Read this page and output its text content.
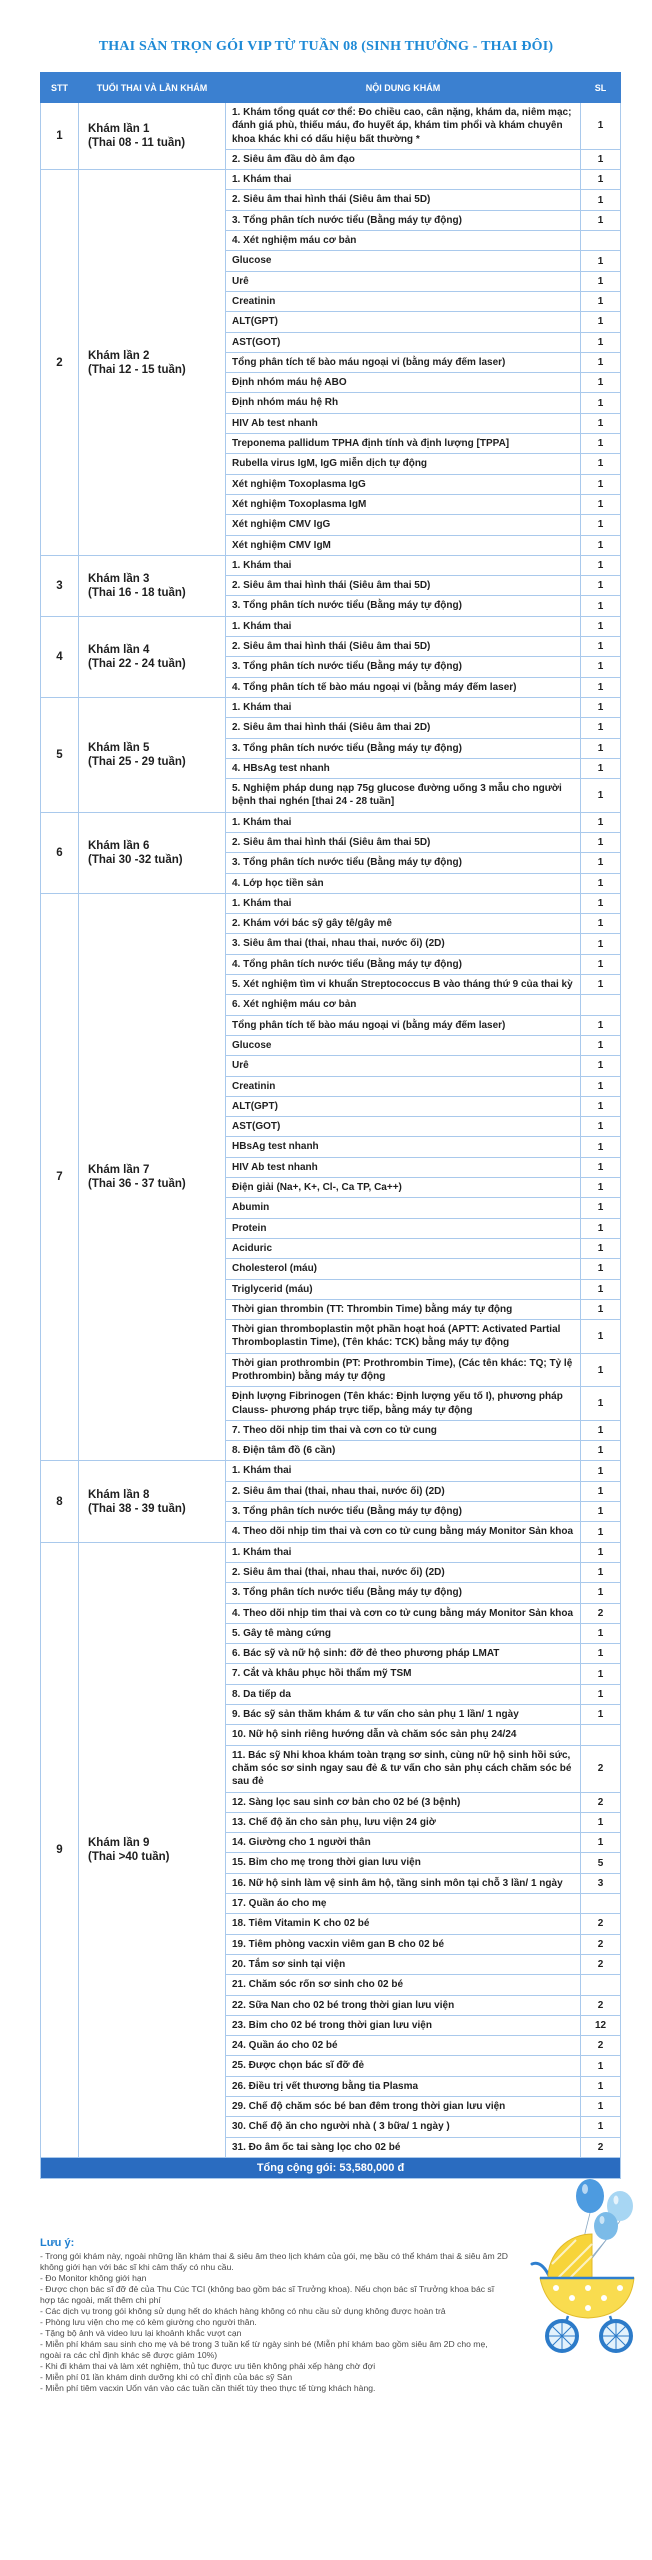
THAI SẢN TRỌN GÓI VIP TỪ TUẦN 08 (SINH THƯỜNG - THAI ĐÔI)
STT	TUỔI THAI VÀ LẦN KHÁM	NỘI DUNG KHÁM	SL
1	Khám lần 1
(Thai 08 - 11 tuần)	1. Khám tổng quát cơ thể: Đo chiều cao, cân nặng, khám da, niêm mạc; đánh giá phù, thiếu máu, đo huyết áp, khám tim phổi và khám chuyên khoa khác khi có dấu hiệu bất thường *	1
		2. Siêu âm đầu dò âm đạo	1
2	Khám lần 2
(Thai 12 - 15 tuần)	1. Khám thai	1
		2. Siêu âm thai hình thái (Siêu âm thai 5D)	1
		3. Tổng phân tích nước tiểu (Bằng máy tự động)	1
		4. Xét nghiệm máu cơ bản	
		Glucose	1
		Urê	1
		Creatinin	1
		ALT(GPT)	1
		AST(GOT)	1
		Tổng phân tích tế bào máu ngoại vi (bằng máy đếm laser)	1
		Định nhóm máu hệ ABO	1
		Định nhóm máu hệ Rh	1
		HIV Ab test nhanh	1
		Treponema pallidum TPHA định tính và định lượng [TPPA]	1
		Rubella virus IgM, IgG miễn dịch tự động	1
		Xét nghiệm Toxoplasma IgG	1
		Xét nghiệm Toxoplasma IgM	1
		Xét nghiệm CMV IgG	1
		Xét nghiệm CMV IgM	1
3	Khám lần 3
(Thai 16 - 18 tuần)	1. Khám thai	1
		2. Siêu âm thai hình thái (Siêu âm thai 5D)	1
		3. Tổng phân tích nước tiểu (Bằng máy tự động)	1
4	Khám lần 4
(Thai 22 - 24 tuần)	1. Khám thai	1
		2. Siêu âm thai hình thái (Siêu âm thai 5D)	1
		3. Tổng phân tích nước tiểu (Bằng máy tự động)	1
		4. Tổng phân tích tế bào máu ngoại vi (bằng máy đếm laser)	1
5	Khám lần 5
(Thai 25 - 29 tuần)	1. Khám thai	1
		2. Siêu âm thai hình thái (Siêu âm thai 2D)	1
		3. Tổng phân tích nước tiểu (Bằng máy tự động)	1
		4. HBsAg test nhanh	1
		5. Nghiệm pháp dung nạp 75g glucose đường uống 3 mẫu cho người bệnh thai nghén [thai 24 - 28 tuần]	1
6	Khám lần 6
(Thai 30 -32 tuần)	1. Khám thai	1
		2. Siêu âm thai hình thái (Siêu âm thai 5D)	1
		3. Tổng phân tích nước tiểu (Bằng máy tự động)	1
		4. Lớp học tiền sản	1
7	Khám lần 7
(Thai 36 - 37 tuần)	1. Khám thai	1
		2. Khám với bác sỹ gây tê/gây mê	1
		3. Siêu âm thai (thai, nhau thai, nước ối) (2D)	1
		4. Tổng phân tích nước tiểu (Bằng máy tự động)	1
		5. Xét nghiệm tìm vi khuẩn Streptococcus B vào tháng thứ 9 của thai kỳ	1
		6. Xét nghiệm máu cơ bản	
		Tổng phân tích tế bào máu ngoại vi (bằng máy đếm laser)	1
		Glucose	1
		Urê	1
		Creatinin	1
		ALT(GPT)	1
		AST(GOT)	1
		HBsAg test nhanh	1
		HIV Ab test nhanh	1
		Điện giải (Na+, K+, Cl-, Ca TP, Ca++)	1
		Abumin	1
		Protein	1
		Aciduric	1
		Cholesterol (máu)	1
		Triglycerid (máu)	1
		Thời gian thrombin (TT: Thrombin Time) bằng máy tự động	1
		Thời gian thromboplastin một phần hoạt hoá (APTT: Activated Partial Thromboplastin Time), (Tên khác: TCK) bằng máy tự động	1
		Thời gian prothrombin (PT: Prothrombin Time), (Các tên khác: TQ; Tỷ lệ Prothrombin) bằng máy tự động	1
		Định lượng Fibrinogen (Tên khác: Định lượng yếu tố I), phương pháp Clauss- phương pháp trực tiếp, bằng máy tự động	1
		7. Theo dõi nhịp tim thai và cơn co tử cung	1
		8. Điện tâm đồ (6 cần)	1
8	Khám lần 8
(Thai 38 - 39 tuần)	1. Khám thai	1
		2. Siêu âm thai (thai, nhau thai, nước ối) (2D)	1
		3. Tổng phân tích nước tiểu (Bằng máy tự động)	1
		4. Theo dõi nhịp tim thai và cơn co tử cung bằng máy Monitor Sản khoa	1
9	Khám lần 9
(Thai >40 tuần)	1. Khám thai	1
		2. Siêu âm thai (thai, nhau thai, nước ối) (2D)	1
		3. Tổng phân tích nước tiểu (Bằng máy tự động)	1
		4. Theo dõi nhịp tim thai và cơn co tử cung bằng máy Monitor Sản khoa	2
		5. Gây tê màng cứng	1
		6. Bác sỹ và nữ hộ sinh: đỡ đẻ theo phương pháp LMAT	1
		7. Cắt và khâu phục hồi thẩm mỹ TSM	1
		8. Da tiếp da	1
		9. Bác sỹ sản thăm khám & tư vấn cho sản phụ 1 lần/ 1 ngày	1
		10. Nữ hộ sinh riêng hướng dẫn và chăm sóc sản phụ 24/24	
		11. Bác sỹ Nhi khoa khám toàn trạng sơ sinh, cùng nữ hộ sinh hồi sức, chăm sóc sơ sinh ngay sau đẻ & tư vấn cho sản phụ cách chăm sóc bé sau đẻ	2
		12. Sàng lọc sau sinh cơ bản cho 02 bé (3 bệnh)	2
		13. Chế độ ăn cho sản phụ, lưu viện 24 giờ	1
		14. Giường cho 1 người thân	1
		15. Bỉm cho mẹ trong thời gian lưu viện	5
		16. Nữ hộ sinh làm vệ sinh âm hộ, tầng sinh môn tại chỗ 3 lần/ 1 ngày	3
		17. Quần áo cho mẹ	
		18. Tiêm Vitamin K cho 02 bé	2
		19. Tiêm phòng vacxin viêm gan B cho 02 bé	2
		20. Tắm sơ sinh tại viện	2
		21. Chăm sóc rốn sơ sinh cho 02 bé	
		22. Sữa Nan cho 02 bé trong thời gian lưu viện	2
		23. Bỉm cho 02 bé trong thời gian lưu viện	12
		24. Quần áo cho 02 bé	2
		25. Được chọn bác sĩ đỡ đẻ	1
		26. Điều trị vết thương bằng tia Plasma	1
		29. Chế độ chăm sóc bé ban đêm trong thời gian lưu viện	1
		30. Chế độ ăn cho người nhà ( 3 bữa/ 1 ngày )	1
		31. Đo âm ốc tai sàng lọc cho 02 bé	2
Tổng cộng gói: 53,580,000 đ			
Lưu ý:
- Trong gói khám này, ngoài những lần khám thai & siêu âm theo lịch khám của gói, mẹ bầu có thể khám thai & siêu âm 2D không giới hạn với bác sĩ khi cảm thấy có nhu cầu.
- Đo Monitor không giới hạn
- Được chọn bác sĩ đỡ đẻ của Thu Cúc TCI (không bao gồm bác sĩ Trưởng khoa). Nếu chọn bác sĩ Trưởng khoa bác sĩ hợp tác ngoài, mất thêm chi phí
- Các dịch vụ trong gói không sử dụng hết do khách hàng không có nhu cầu sử dụng không được hoàn trả
- Phòng lưu viện cho mẹ có kèm giường cho người thân.
- Tặng bộ ảnh và video lưu lại khoảnh khắc vượt cạn
- Miễn phí khám sau sinh cho mẹ và bé trong 3 tuần kể từ ngày sinh bé (Miễn phí khám bao gồm siêu âm 2D cho mẹ, ngoài ra các chỉ định khác sẽ được giảm 10%)
- Khi đi khám thai và làm xét nghiệm, thủ tục được ưu tiên không phải xếp hàng chờ đợi
- Miễn phí 01 lần khám dinh dưỡng khi có chỉ định của bác sỹ Sản
- Miễn phí tiêm vacxin Uốn ván vào các tuần cần thiết tùy theo thực tế từng khách hàng.
